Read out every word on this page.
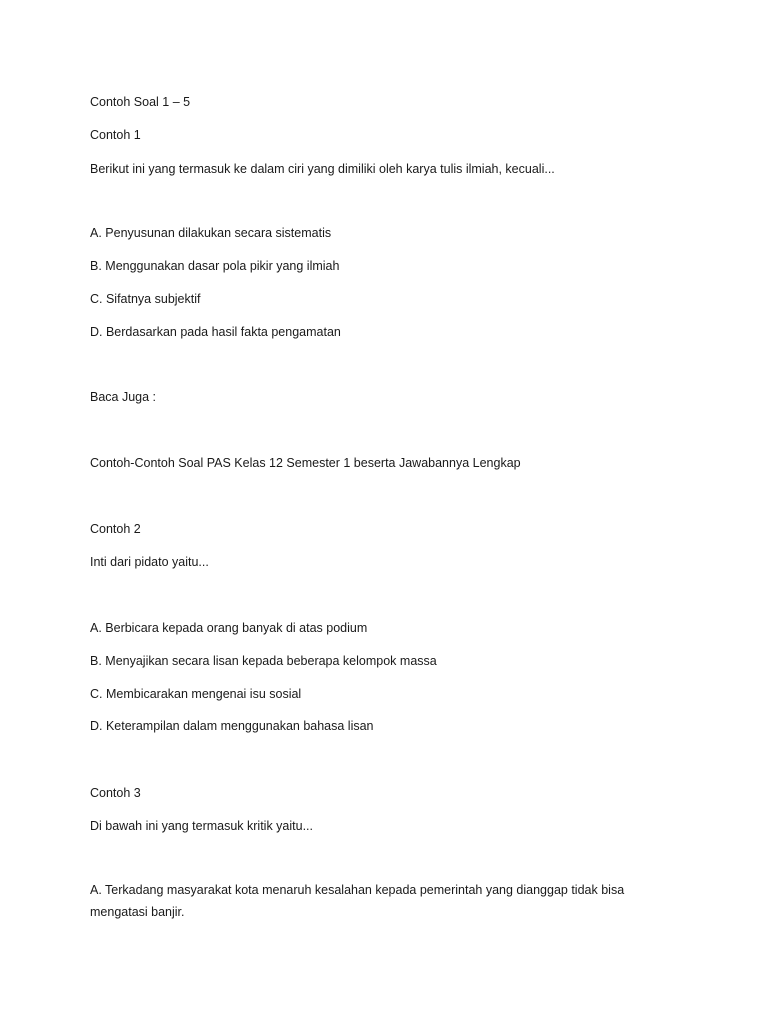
Contoh Soal 1 – 5
Contoh 1
Berikut ini yang termasuk ke dalam ciri yang dimiliki oleh karya tulis ilmiah, kecuali...
A. Penyusunan dilakukan secara sistematis
B. Menggunakan dasar pola pikir yang ilmiah
C. Sifatnya subjektif
D. Berdasarkan pada hasil fakta pengamatan
Baca Juga :
Contoh-Contoh Soal PAS Kelas 12 Semester 1 beserta Jawabannya Lengkap
Contoh 2
Inti dari pidato yaitu...
A. Berbicara kepada orang banyak di atas podium
B. Menyajikan secara lisan kepada beberapa kelompok massa
C. Membicarakan mengenai isu sosial
D. Keterampilan dalam menggunakan bahasa lisan
Contoh 3
Di bawah ini yang termasuk kritik yaitu...
A. Terkadang masyarakat kota menaruh kesalahan kepada pemerintah yang dianggap tidak bisa mengatasi banjir.
